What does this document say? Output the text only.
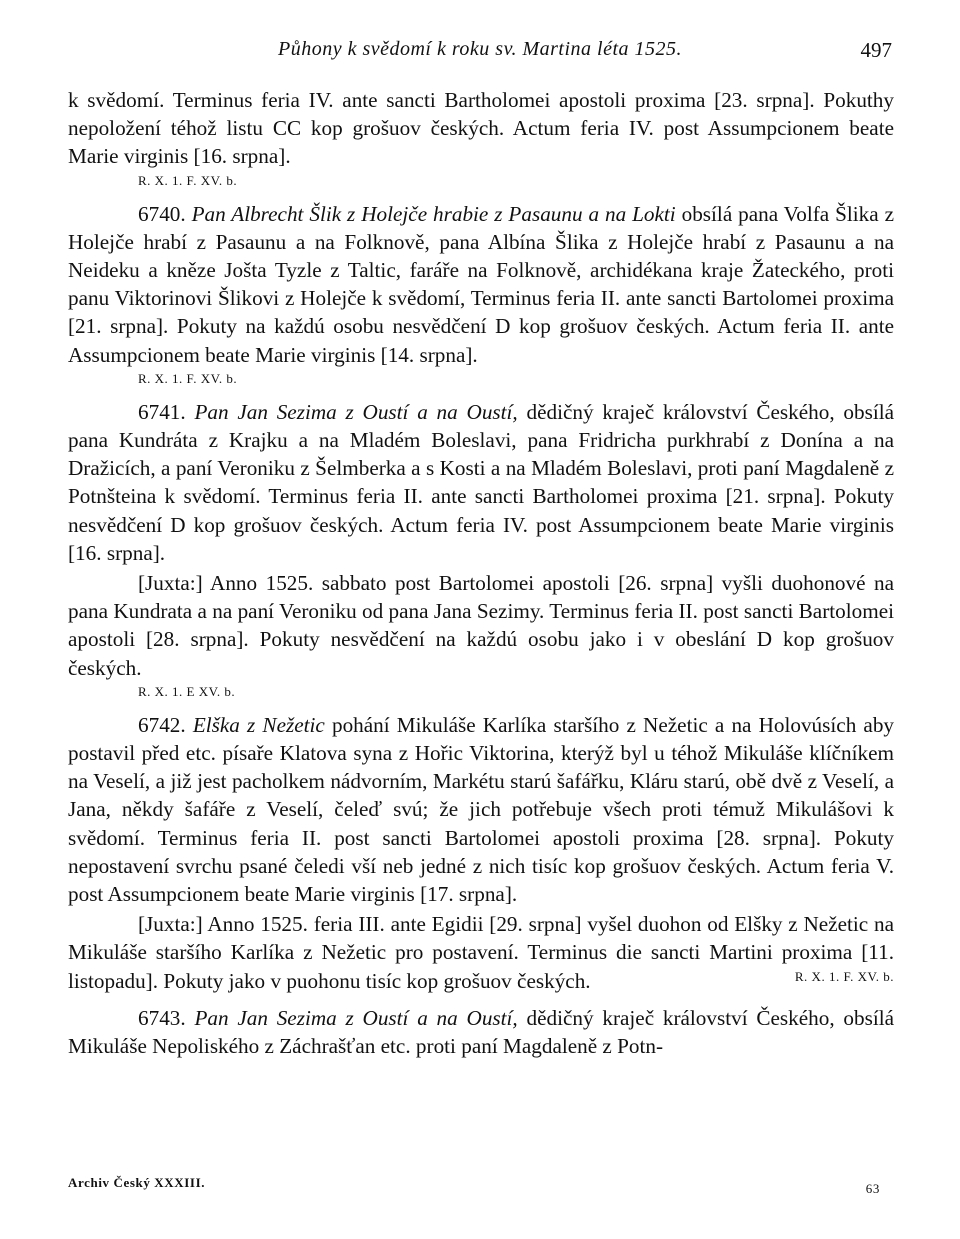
Půhony k svědomí k roku sv. Martina léta 1525.	497

k svědomí. Terminus feria IV. ante sancti Bartholomei apostoli proxima [23. srpna]. Pokuthy nepoložení téhož listu CC kop grošuov českých. Actum feria IV. post Assumpcionem beate Marie virginis [16. srpna].

R. X. 1. F. XV. b.

6740. Pan Albrecht Šlik z Holejče hrabie z Pasaunu a na Lokti obsílá pana Volfa Šlika z Holejče hrabí z Pasaunu a na Folknově, pana Albína Šlika z Holejče hrabí z Pasaunu a na Neideku a kněze Jošta Tyzle z Taltic, faráře na Folknově, archidékana kraje Žateckého, proti panu Viktorinovi Šlikovi z Holejče k svědomí, Terminus feria II. ante sancti Bartolomei proxima [21. srpna]. Pokuty na každú osobu nesvědčení D kop grošuov českých. Actum feria II. ante Assumpcionem beate Marie virginis [14. srpna].

R. X. 1. F. XV. b.

6741. Pan Jan Sezima z Oustí a na Oustí, dědičný kraječ království Českého, obsílá pana Kundráta z Krajku a na Mladém Boleslavi, pana Fridricha purkhrabí z Donína a na Dražicích, a paní Veroniku z Šelmberka a s Kosti a na Mladém Boleslavi, proti paní Magdaleně z Potnšteina k svědomí. Terminus feria II. ante sancti Bartholomei proxima [21. srpna]. Pokuty nesvědčení D kop grošuov českých. Actum feria IV. post Assumpcionem beate Marie virginis [16. srpna].

[Juxta:] Anno 1525. sabbato post Bartolomei apostoli [26. srpna] vyšli duohonové na pana Kundrata a na paní Veroniku od pana Jana Sezimy. Terminus feria II. post sancti Bartolomei apostoli [28. srpna]. Pokuty nesvědčení na každú osobu jako i v obeslání D kop grošuov českých.

R. X. 1. E XV. b.

6742. Elška z Nežetic pohání Mikuláše Karlíka staršího z Nežetic a na Holovúsích aby postavil před etc. písaře Klatova syna z Hořic Viktorina, kterýž byl u téhož Mikuláše klíčníkem na Veselí, a již jest pacholkem nádvorním, Markétu starú šafářku, Kláru starú, obě dvě z Veselí, a Jana, někdy šafáře z Veselí, čeleď svú; že jich potřebuje všech proti témuž Mikulášovi k svědomí. Terminus feria II. post sancti Bartolomei apostoli proxima [28. srpna]. Pokuty nepostavení svrchu psané čeledi vší neb jedné z nich tisíc kop grošuov českých. Actum feria V. post Assumpcionem beate Marie virginis [17. srpna].

[Juxta:] Anno 1525. feria III. ante Egidii [29. srpna] vyšel duohon od Elšky z Nežetic na Mikuláše staršího Karlíka z Nežetic pro postavení. Terminus die sancti Martini proxima [11. listopadu]. Pokuty jako v puohonu tisíc kop grošuov českých.	R. X. 1. F. XV. b.

6743. Pan Jan Sezima z Oustí a na Oustí, dědičný kraječ království Českého, obsílá Mikuláše Nepoliského z Záchrašťan etc. proti paní Magdaleně z Potn-

Archiv Český XXXIII.	63
